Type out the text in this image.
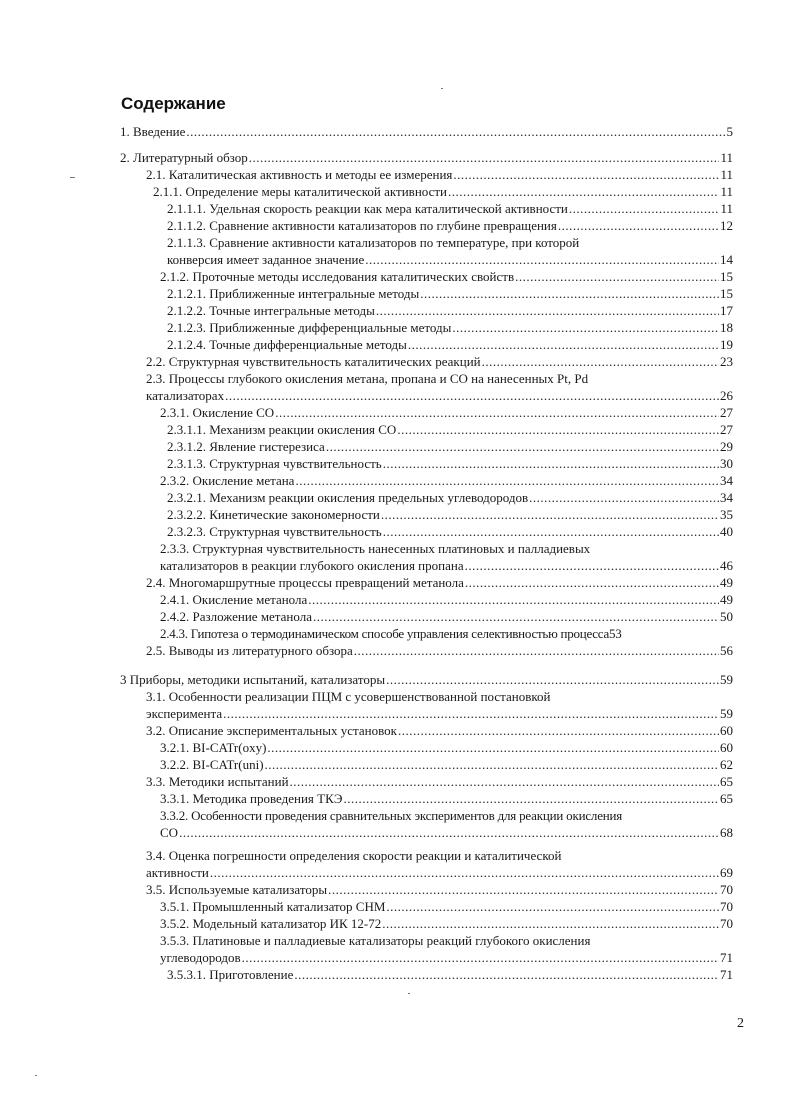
Содержание
1. Введение .....	5
2. Литературный обзор .....	11
2.1. Каталитическая активность и методы ее измерения .....	11
2.1.1. Определение меры каталитической активности .....	11
2.1.1.1. Удельная скорость реакции как мера каталитической активности .....	11
2.1.1.2. Сравнение активности катализаторов по глубине превращения .....	12
2.1.1.3. Сравнение активности катализаторов по температуре, при которой
конверсия имеет заданное значение .....	14
2.1.2. Проточные методы исследования каталитических свойств .....	15
2.1.2.1. Приближенные интегральные методы .....	15
2.1.2.2. Точные интегральные методы .....	17
2.1.2.3. Приближенные дифференциальные методы .....	18
2.1.2.4. Точные дифференциальные методы .....	19
2.2. Структурная чувствительность каталитических реакций .....	23
2.3. Процессы глубокого окисления метана, пропана и CO на нанесенных Pt, Pd
катализаторах .....	26
2.3.1. Окисление CO .....	27
2.3.1.1. Механизм реакции окисления CO .....	27
2.3.1.2. Явление гистерезиса .....	29
2.3.1.3. Структурная чувствительность .....	30
2.3.2. Окисление метана .....	34
2.3.2.1. Механизм реакции окисления предельных углеводородов .....	34
2.3.2.2. Кинетические закономерности .....	35
2.3.2.3. Структурная чувствительность .....	40
2.3.3. Структурная чувствительность нанесенных платиновых и палладиевых
катализаторов в реакции глубокого окисления пропана .....	46
2.4. Многомаршрутные процессы превращений метанола .....	49
2.4.1. Окисление метанола .....	49
2.4.2. Разложение метанола .....	50
2.4.3. Гипотеза о термодинамическом способе управления селективностью процесса 53
2.5. Выводы из литературного обзора .....	56
3 Приборы, методики испытаний, катализаторы .....	59
3.1. Особенности реализации ПЦМ с усовершенствованной постановкой
эксперимента .....	59
3.2. Описание экспериментальных установок .....	60
3.2.1. BI-CATr(oxy) .....	60
3.2.2. BI-CATr(uni) .....	62
3.3. Методики испытаний .....	65
3.3.1. Методика проведения ТКЭ .....	65
3.3.2. Особенности проведения сравнительных экспериментов для реакции окисления
CO .....	68
3.4. Оценка погрешности определения скорости реакции и каталитической
активности .....	69
3.5. Используемые катализаторы .....	70
3.5.1. Промышленный катализатор СНМ .....	70
3.5.2. Модельный катализатор ИК 12-72 .....	70
3.5.3. Платиновые и палладиевые катализаторы реакций глубокого окисления
углеводородов .....	71
3.5.3.1. Приготовление .....	71
2
